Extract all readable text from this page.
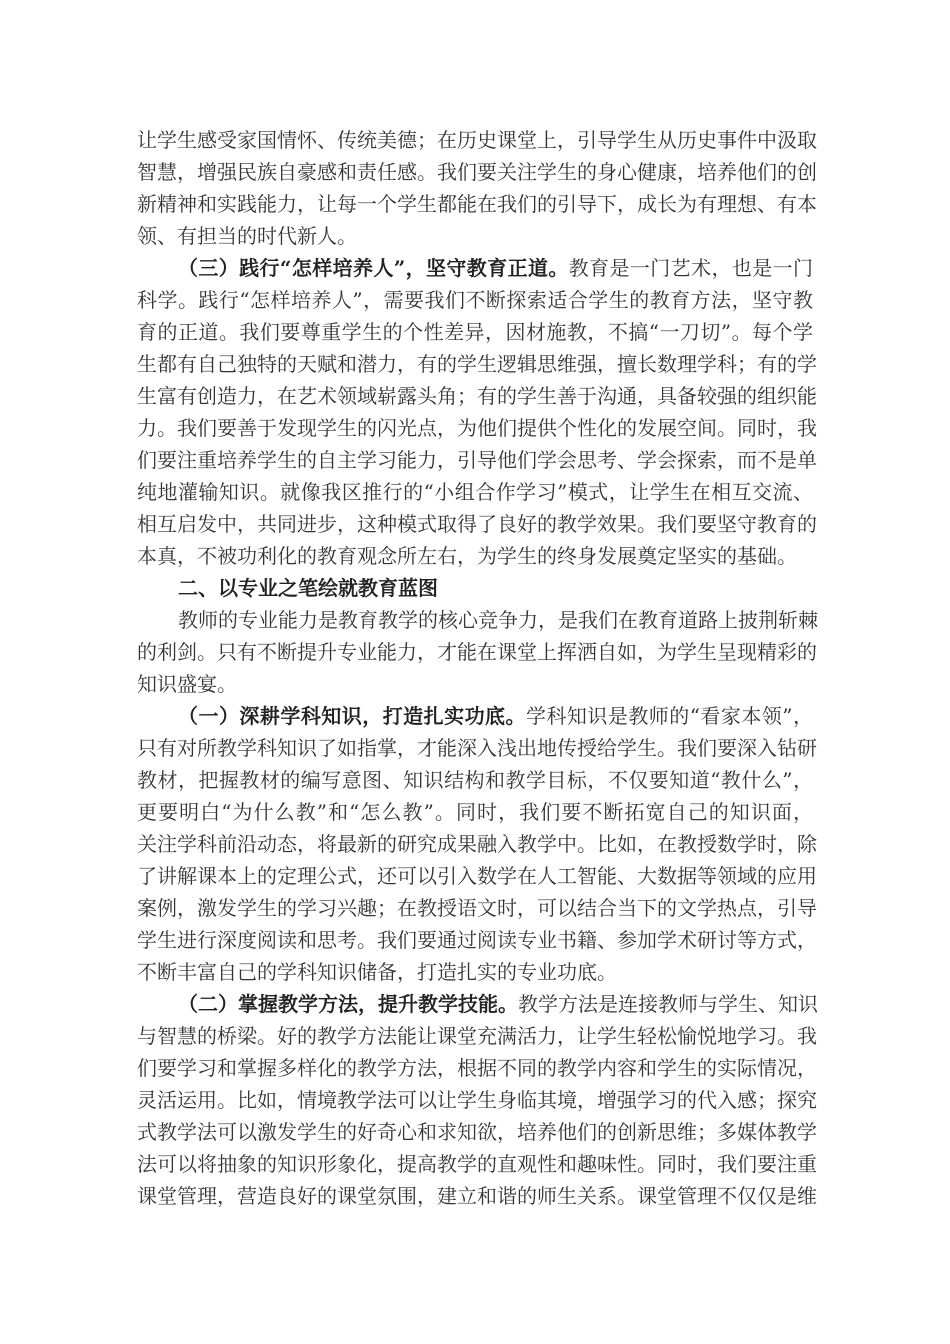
让学生感受家国情怀、传统美德；在历史课堂上，引导学生从历史事件中汲取
智慧，增强民族自豪感和责任感。我们要关注学生的身心健康，培养他们的创
新精神和实践能力，让每一个学生都能在我们的引导下，成长为有理想、有本
领、有担当的时代新人。
（三）践行“怎样培养人”，坚守教育正道。教育是一门艺术，也是一门
科学。践行“怎样培养人”，需要我们不断探索适合学生的教育方法，坚守教
育的正道。我们要尊重学生的个性差异，因材施教，不搞“一刀切”。每个学
生都有自己独特的天赋和潜力，有的学生逻辑思维强，擅长数理学科；有的学
生富有创造力，在艺术领域崭露头角；有的学生善于沟通，具备较强的组织能
力。我们要善于发现学生的闪光点，为他们提供个性化的发展空间。同时，我
们要注重培养学生的自主学习能力，引导他们学会思考、学会探索，而不是单
纯地灌输知识。就像我区推行的“小组合作学习”模式，让学生在相互交流、
相互启发中，共同进步，这种模式取得了良好的教学效果。我们要坚守教育的
本真，不被功利化的教育观念所左右，为学生的终身发展奠定坚实的基础。
二、以专业之笔绘就教育蓝图
教师的专业能力是教育教学的核心竞争力，是我们在教育道路上披荆斩棘
的利剑。只有不断提升专业能力，才能在课堂上挥洒自如，为学生呈现精彩的
知识盛宴。
（一）深耕学科知识，打造扎实功底。学科知识是教师的“看家本领”，
只有对所教学科知识了如指掌，才能深入浅出地传授给学生。我们要深入钻研
教材，把握教材的编写意图、知识结构和教学目标，不仅要知道“教什么”，
更要明白“为什么教”和“怎么教”。同时，我们要不断拓宽自己的知识面，
关注学科前沿动态，将最新的研究成果融入教学中。比如，在教授数学时，除
了讲解课本上的定理公式，还可以引入数学在人工智能、大数据等领域的应用
案例，激发学生的学习兴趣；在教授语文时，可以结合当下的文学热点，引导
学生进行深度阅读和思考。我们要通过阅读专业书籍、参加学术研讨等方式，
不断丰富自己的学科知识储备，打造扎实的专业功底。
（二）掌握教学方法，提升教学技能。教学方法是连接教师与学生、知识
与智慧的桥梁。好的教学方法能让课堂充满活力，让学生轻松愉悦地学习。我
们要学习和掌握多样化的教学方法，根据不同的教学内容和学生的实际情况，
灵活运用。比如，情境教学法可以让学生身临其境，增强学习的代入感；探究
式教学法可以激发学生的好奇心和求知欲，培养他们的创新思维；多媒体教学
法可以将抽象的知识形象化，提高教学的直观性和趣味性。同时，我们要注重
课堂管理，营造良好的课堂氛围，建立和谐的师生关系。课堂管理不仅仅是维
